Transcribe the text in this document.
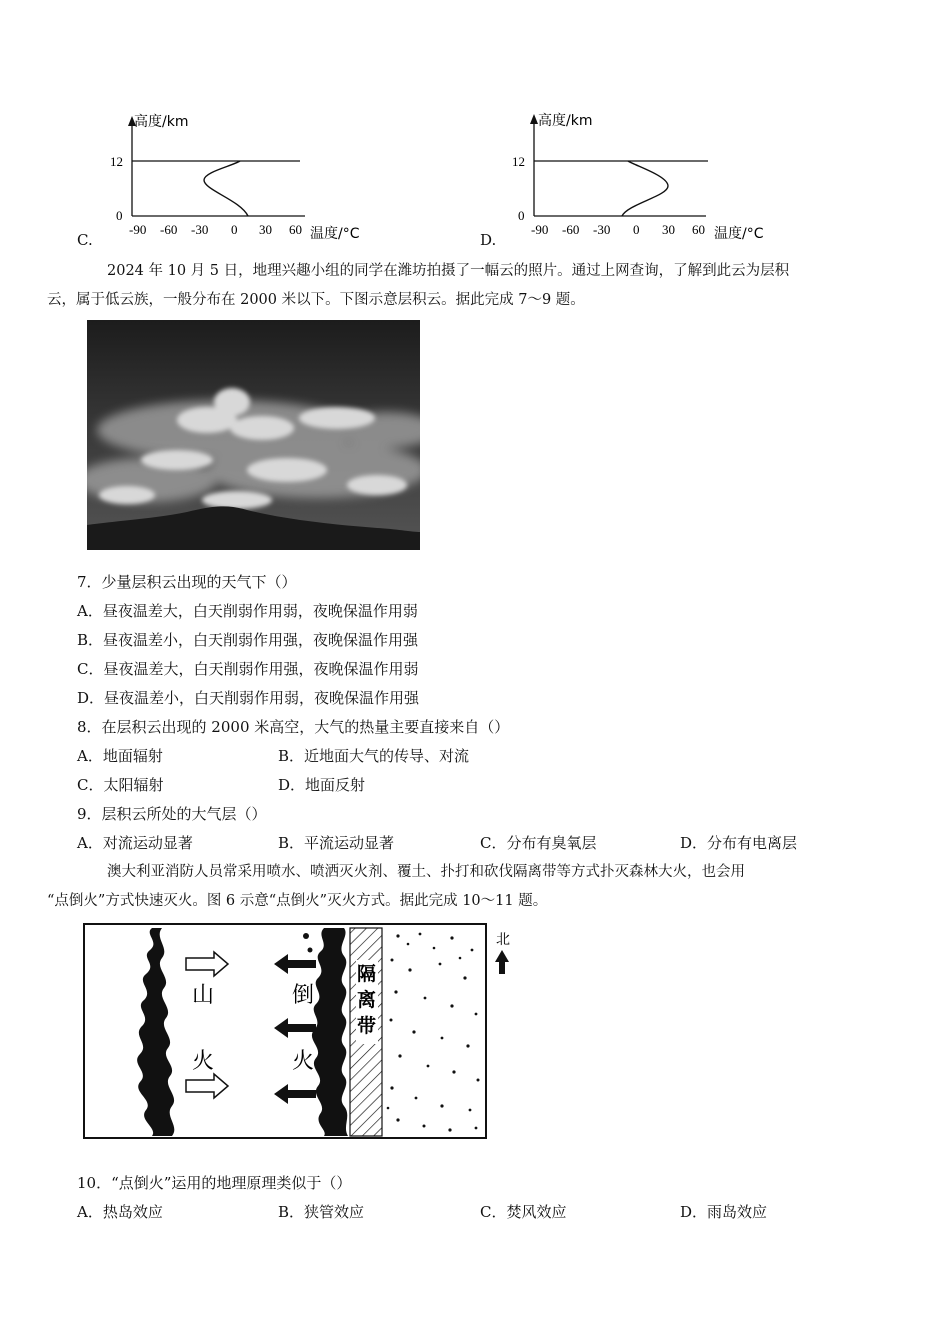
C.
高度/km
12
0
-90 -60 -30 0 30 60 温度/°C	D.
高度/km
12
0
-90 -60 -30 0 30 60 温度/°C
2024 年 10 月 5 日，地理兴趣小组的同学在潍坊拍摄了一幅云的照片。通过上网查询，了解到此云为层积
云，属于低云族，一般分布在 2000 米以下。下图示意层积云。据此完成 7～9 题。
7．少量层积云出现的天气下（）
A．昼夜温差大，白天削弱作用弱，夜晚保温作用弱
B．昼夜温差小，白天削弱作用强，夜晚保温作用强
C．昼夜温差大，白天削弱作用强，夜晚保温作用弱
D．昼夜温差小，白天削弱作用弱，夜晚保温作用强
8．在层积云出现的 2000 米高空，大气的热量主要直接来自（）
A．地面辐射	B．近地面大气的传导、对流
C．太阳辐射	D．地面反射
9．层积云所处的大气层（）
A．对流运动显著	B．平流运动显著	C．分布有臭氧层	D．分布有电离层
澳大利亚消防人员常采用喷水、喷洒灭火剂、覆土、扑打和砍伐隔离带等方式扑灭森林大火，也会用
“点倒火”方式快速灭火。图 6 示意“点倒火”灭火方式。据此完成 10～11 题。
隔
离
带
山
火
倒
火
北
10．“点倒火”运用的地理原理类似于（）
A．热岛效应	B．狭管效应	C．焚风效应	D．雨岛效应
